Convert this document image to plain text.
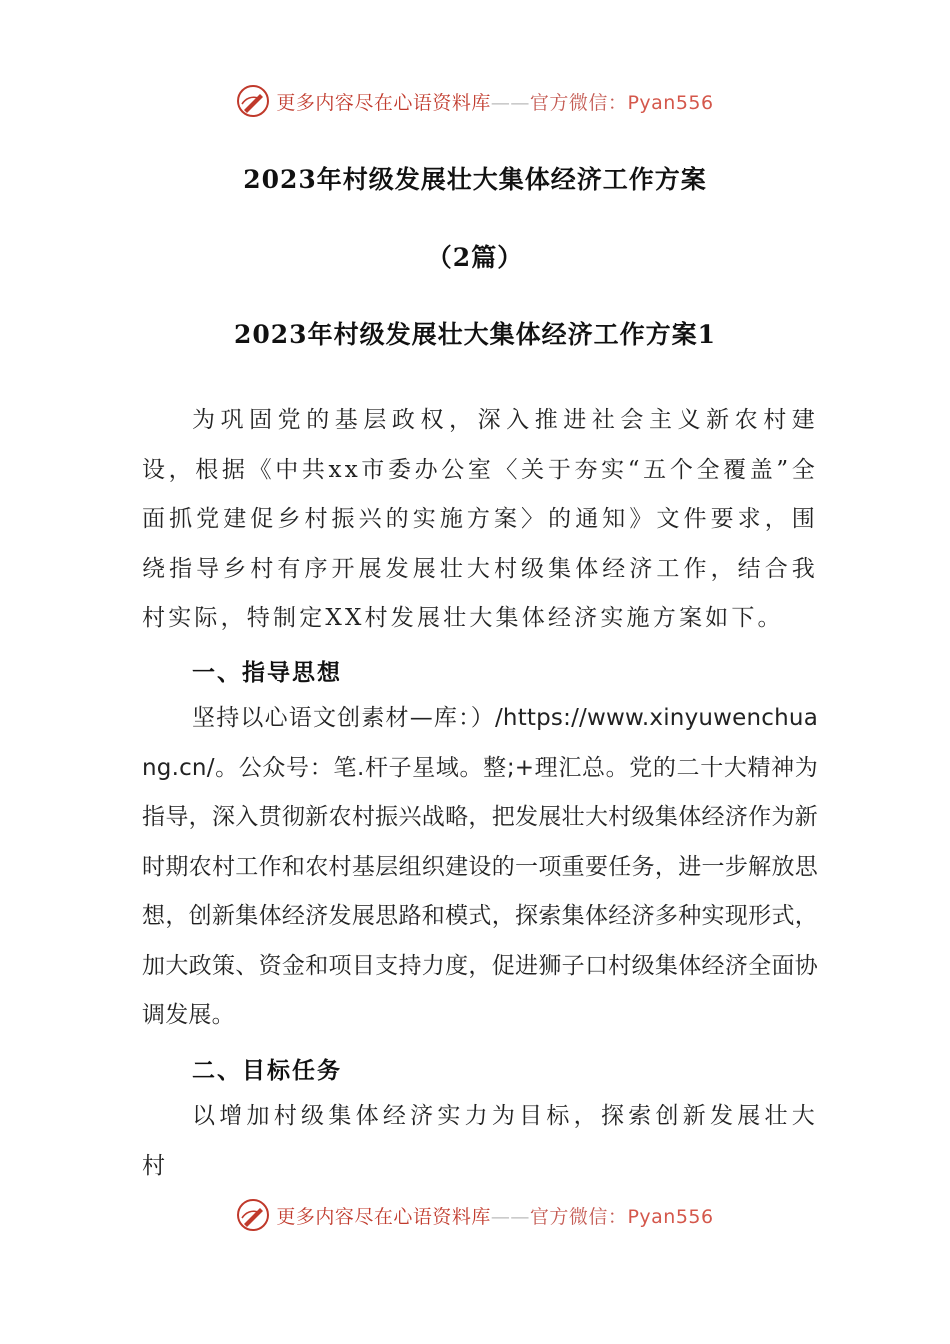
更多内容尽在心语资料库——官方微信：Pyan556
2023年村级发展壮大集体经济工作方案
（2篇）
2023年村级发展壮大集体经济工作方案1
为巩固党的基层政权，深入推进社会主义新农村建设，根据《中共xx市委办公室〈关于夯实“五个全覆盖”全面抓党建促乡村振兴的实施方案〉的通知》文件要求，围绕指导乡村有序开展发展壮大村级集体经济工作，结合我村实际，特制定XX村发展壮大集体经济实施方案如下。
一、指导思想
坚持以心语文创素材—库：）/https://www.xinyuwenchuang.cn/。公众号：笔.杆子星域。整;+理汇总。党的二十大精神为指导，深入贯彻新农村振兴战略，把发展壮大村级集体经济作为新时期农村工作和农村基层组织建设的一项重要任务，进一步解放思想，创新集体经济发展思路和模式，探索集体经济多种实现形式，加大政策、资金和项目支持力度，促进狮子口村级集体经济全面协调发展。
二、目标任务
以增加村级集体经济实力为目标，探索创新发展壮大村
更多内容尽在心语资料库——官方微信：Pyan556
